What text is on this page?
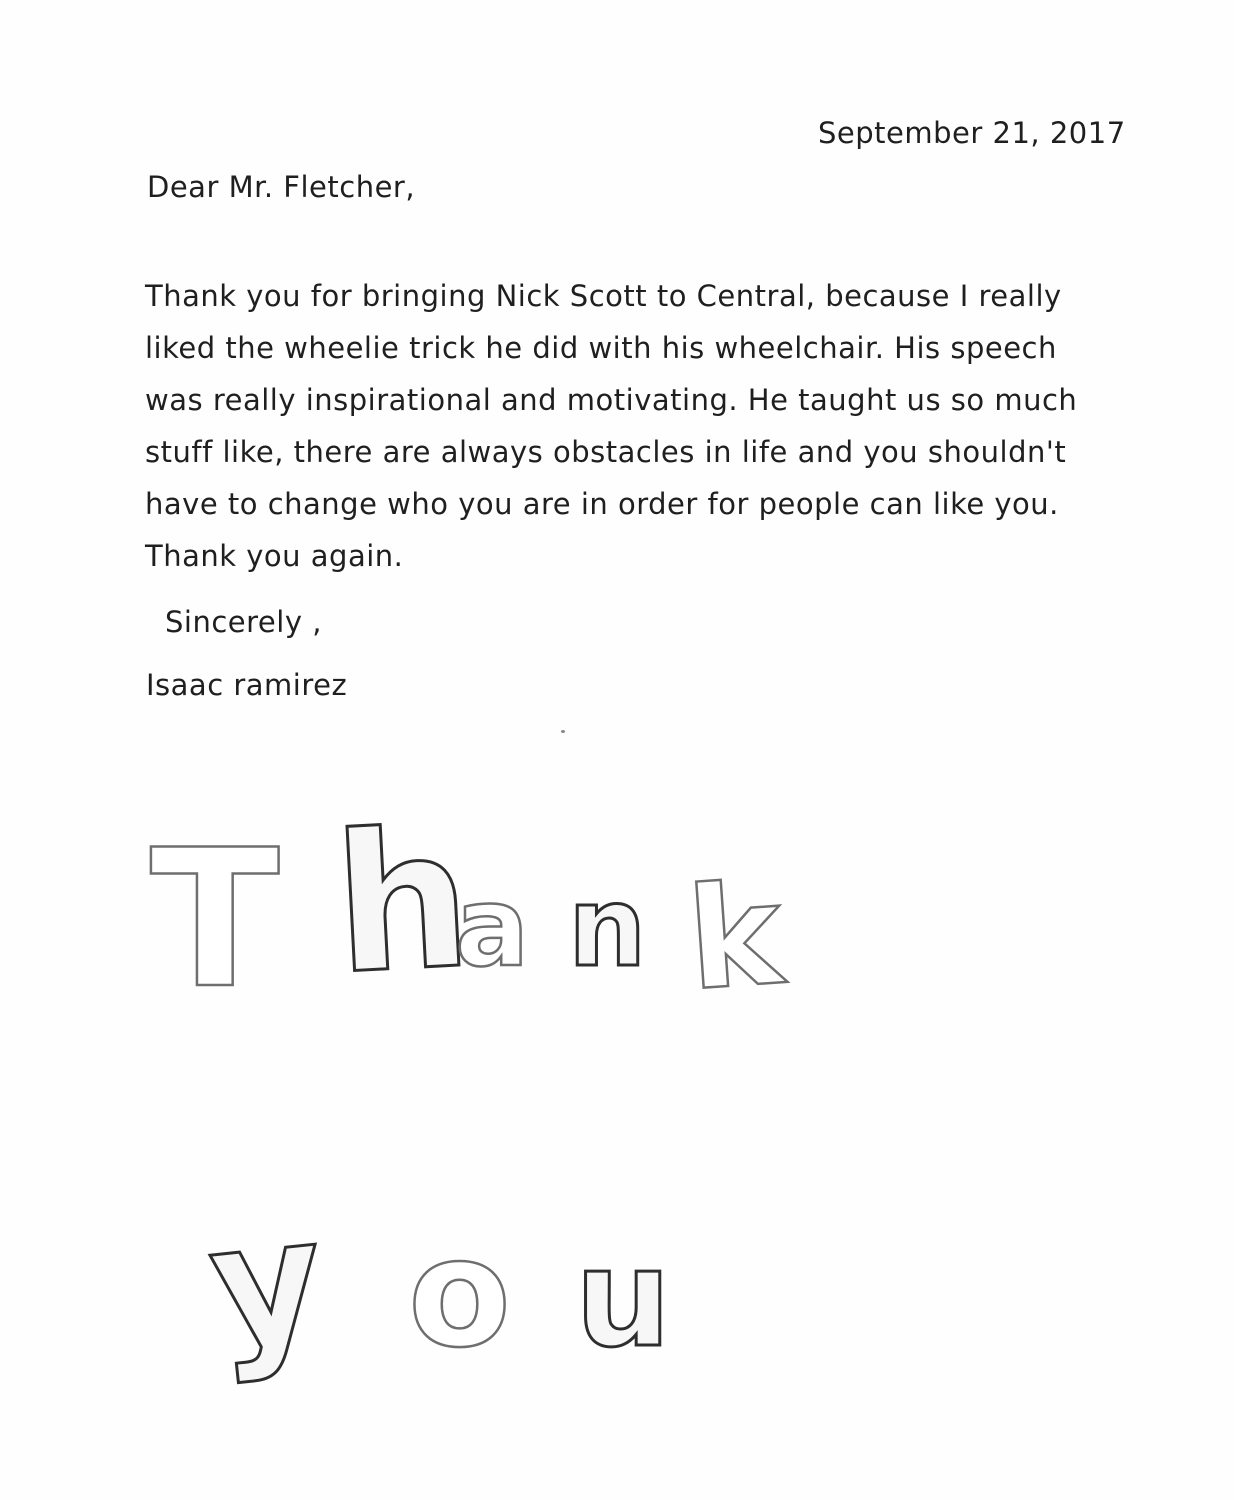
September 21, 2017
Dear Mr. Fletcher,
Thank you for bringing Nick Scott to Central, because I really
liked the wheelie trick he did with his wheelchair. His speech
was really inspirational and motivating. He taught us so much
stuff like, there are always obstacles in life and you shouldn't
have to change who you are in order for people can like you.
Thank you again.
Sincerely ,
Isaac ramirez
T h
a n k
y o u
